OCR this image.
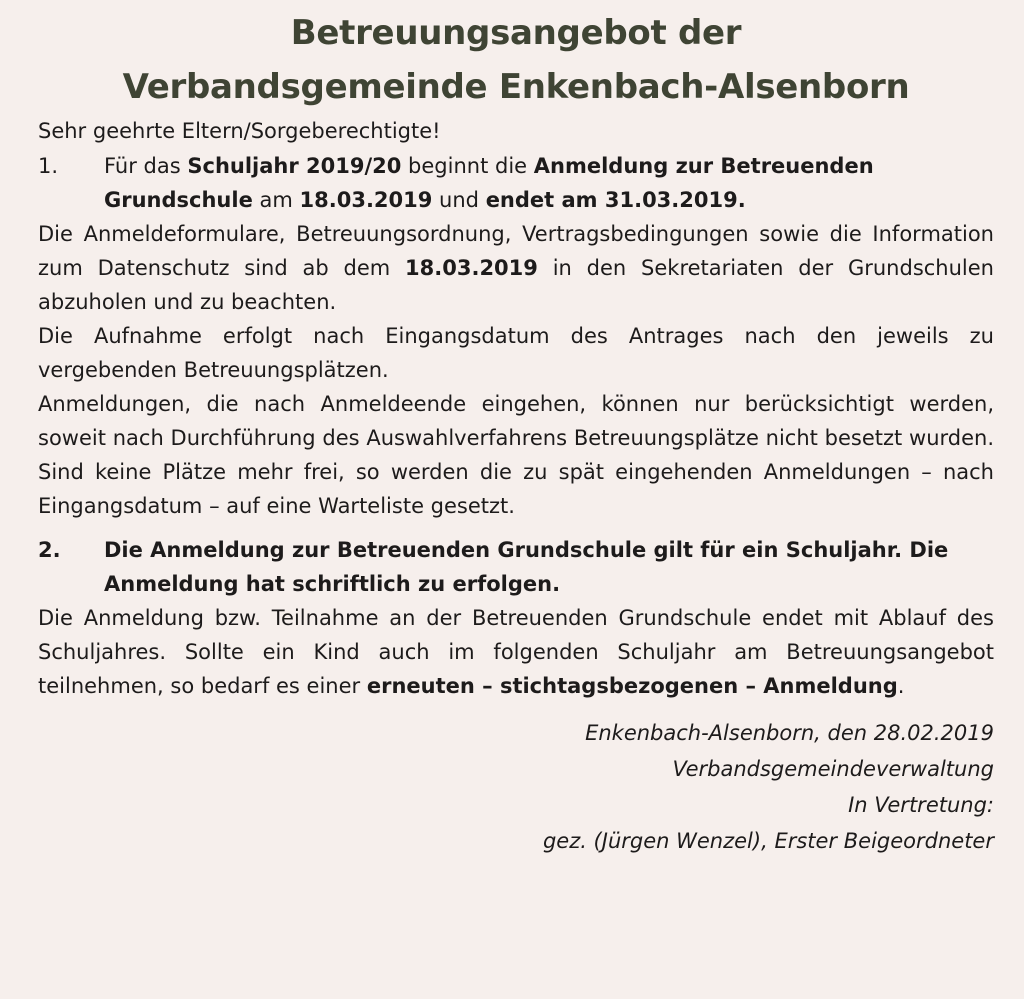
Betreuungsangebot der
Verbandsgemeinde Enkenbach-Alsenborn

Sehr geehrte Eltern/Sorgeberechtigte!

1.	Für das Schuljahr 2019/20 beginnt die Anmeldung zur Betreuenden Grundschule am 18.03.2019 und endet am 31.03.2019.

Die Anmeldeformulare, Betreuungsordnung, Vertragsbedingungen sowie die Information zum Datenschutz sind ab dem 18.03.2019 in den Sekretariaten der Grundschulen abzuholen und zu beachten.

Die Aufnahme erfolgt nach Eingangsdatum des Antrages nach den jeweils zu vergebenden Betreuungsplätzen.

Anmeldungen, die nach Anmeldeende eingehen, können nur berücksichtigt werden, soweit nach Durchführung des Auswahlverfahrens Betreuungsplätze nicht besetzt wurden. Sind keine Plätze mehr frei, so werden die zu spät eingehenden Anmeldungen – nach Eingangsdatum – auf eine Warteliste gesetzt.

2.	Die Anmeldung zur Betreuenden Grundschule gilt für ein Schuljahr. Die Anmeldung hat schriftlich zu erfolgen.

Die Anmeldung bzw. Teilnahme an der Betreuenden Grundschule endet mit Ablauf des Schuljahres. Sollte ein Kind auch im folgenden Schuljahr am Betreuungsangebot teilnehmen, so bedarf es einer erneuten – stichtagsbezogenen – Anmeldung.

Enkenbach-Alsenborn, den 28.02.2019
Verbandsgemeindeverwaltung
In Vertretung:
gez. (Jürgen Wenzel), Erster Beigeordneter
